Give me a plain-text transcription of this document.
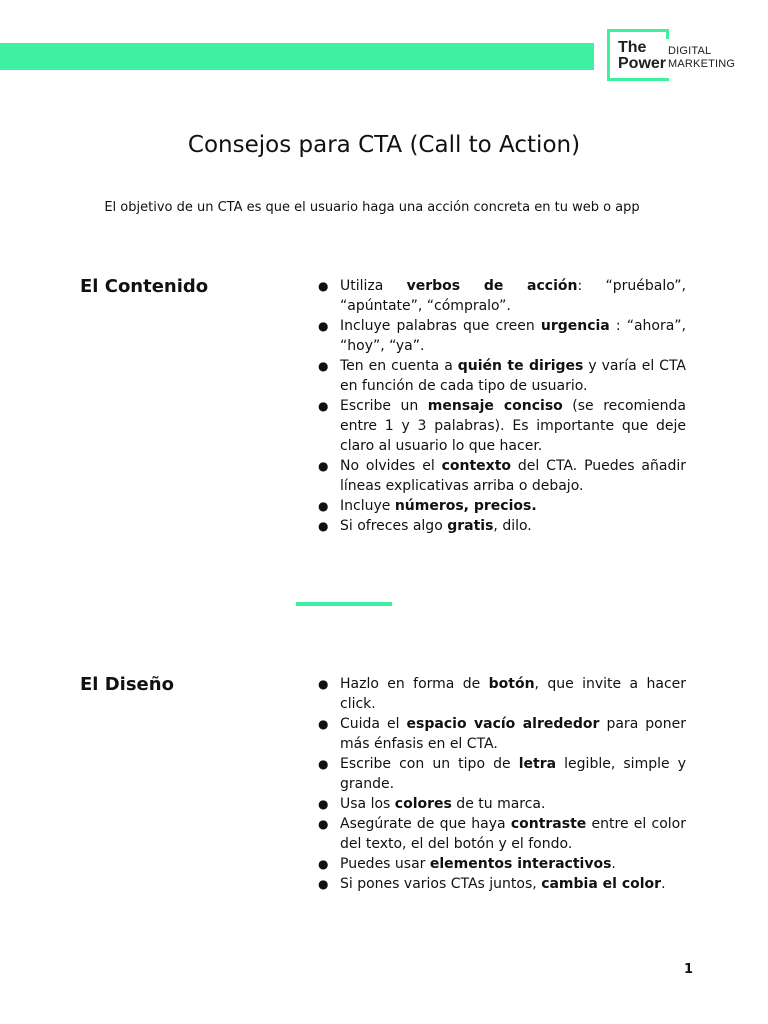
The
Power
DIGITAL
MARKETING
Consejos para CTA (Call to Action)

El objetivo de un CTA es que el usuario haga una acción concreta en tu web o app

El Contenido	● Utiliza verbos de acción: “pruébalo”, “apúntate”, “cómpralo”.
● Incluye palabras que creen urgencia : “ahora”, “hoy”, “ya”.
● Ten en cuenta a quién te diriges y varía el CTA en función de cada tipo de usuario.
● Escribe un mensaje conciso (se recomienda entre 1 y 3 palabras). Es importante que deje claro al usuario lo que hacer.
● No olvides el contexto del CTA. Puedes añadir líneas explicativas arriba o debajo.
● Incluye números, precios.
● Si ofreces algo gratis, dilo.
El Diseño	● Hazlo en forma de botón, que invite a hacer click.
● Cuida el espacio vacío alrededor para poner más énfasis en el CTA.
● Escribe con un tipo de letra legible, simple y grande.
● Usa los colores de tu marca.
● Asegúrate de que haya contraste entre el color del texto, el del botón y el fondo.
● Puedes usar elementos interactivos.
● Si pones varios CTAs juntos, cambia el color.
1
